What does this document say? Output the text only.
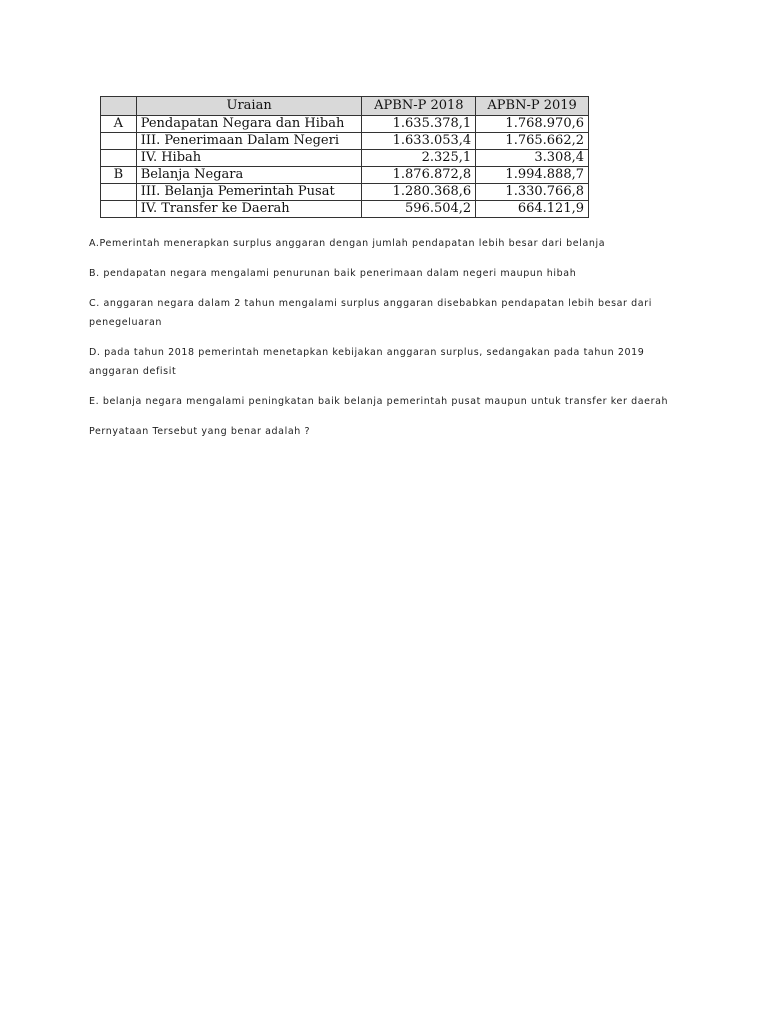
	Uraian	APBN-P 2018	APBN-P 2019
A	Pendapatan Negara dan Hibah	1.635.378,1	1.768.970,6
	III. Penerimaan Dalam Negeri	1.633.053,4	1.765.662,2
	IV. Hibah	2.325,1	3.308,4
B	Belanja Negara	1.876.872,8	1.994.888,7
	III. Belanja Pemerintah Pusat	1.280.368,6	1.330.766,8
	IV. Transfer ke Daerah	596.504,2	664.121,9

A.Pemerintah menerapkan surplus anggaran dengan jumlah pendapatan lebih besar dari belanja

B. pendapatan negara mengalami penurunan baik penerimaan dalam negeri maupun hibah

C. anggaran negara dalam 2 tahun mengalami surplus anggaran disebabkan pendapatan lebih besar dari penegeluaran

D. pada tahun 2018 pemerintah menetapkan kebijakan anggaran surplus, sedangakan pada tahun 2019 anggaran defisit

E. belanja negara mengalami peningkatan baik belanja pemerintah pusat maupun untuk transfer ker daerah

Pernyataan Tersebut yang benar adalah ?
